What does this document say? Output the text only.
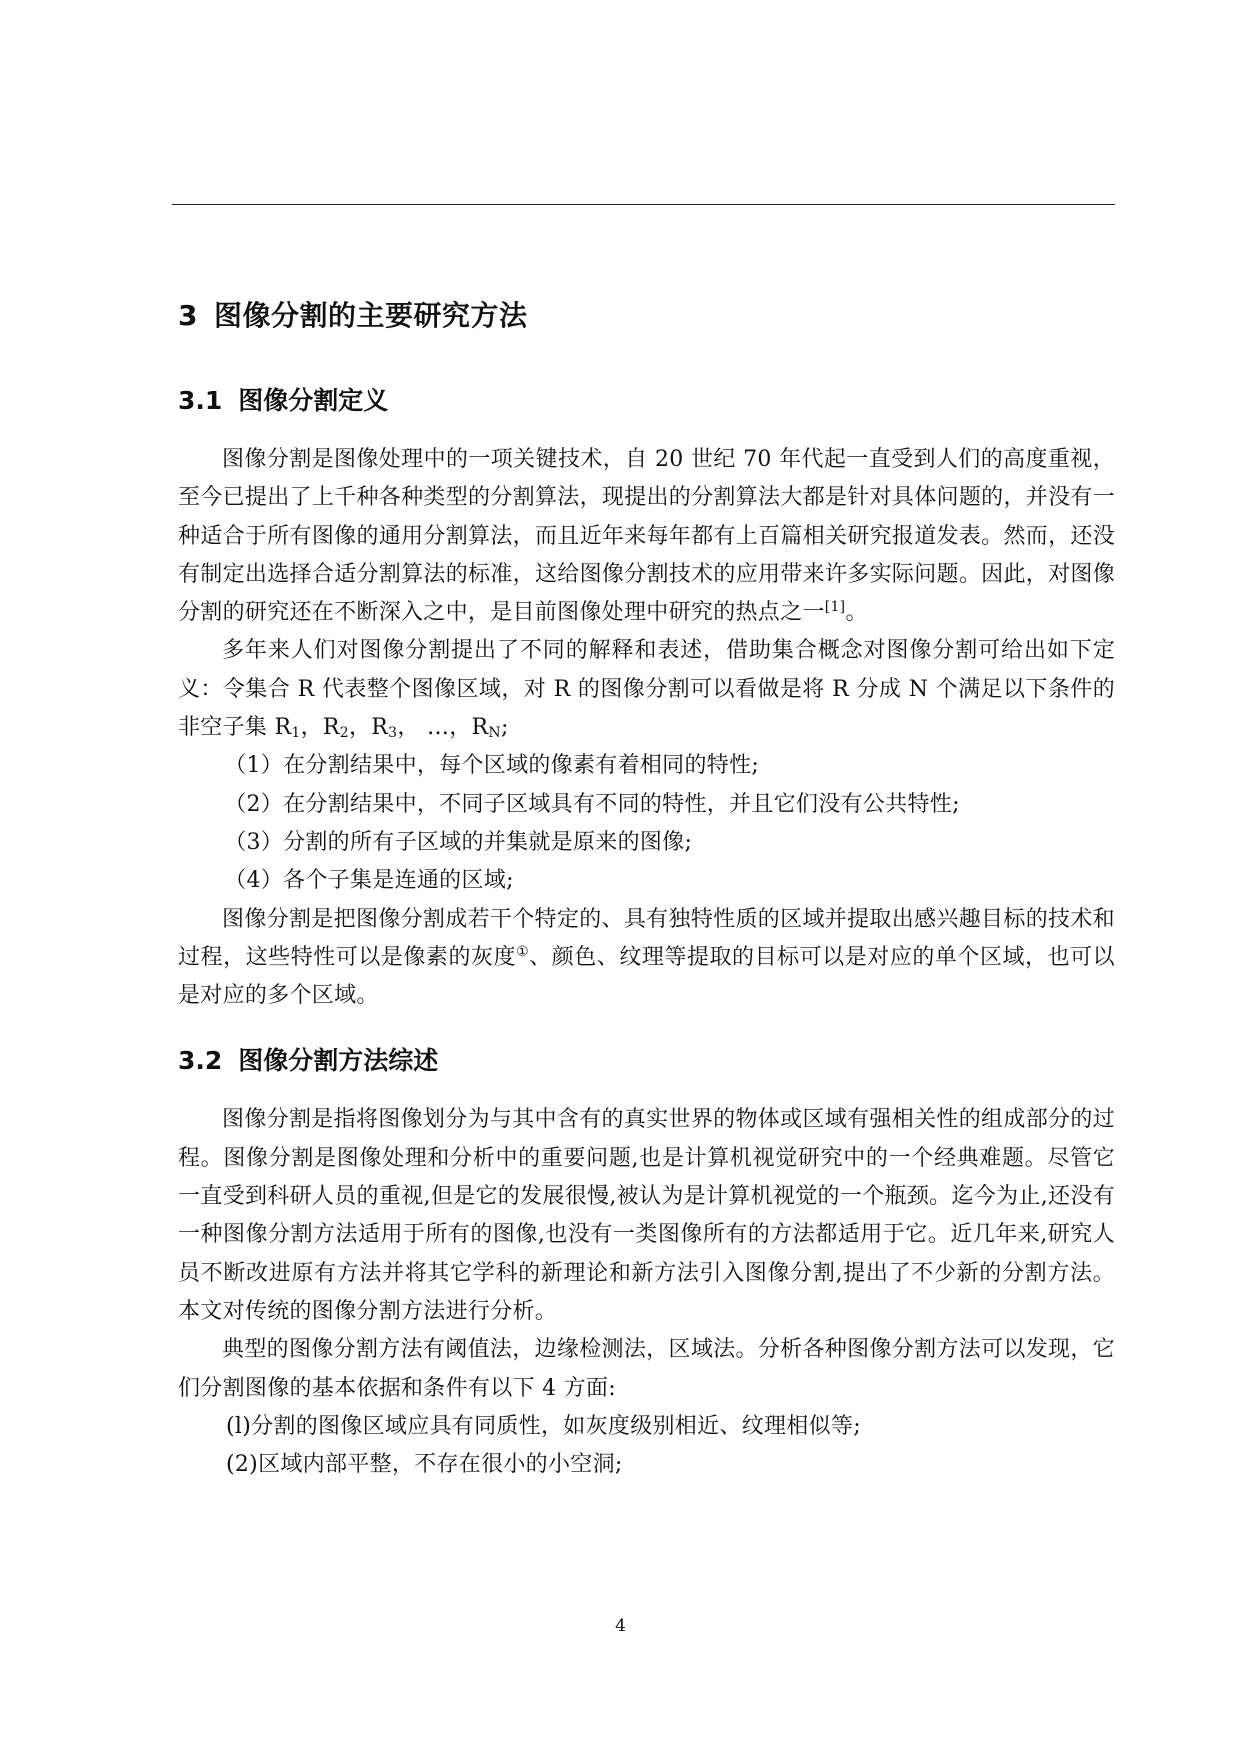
3 图像分割的主要研究方法
3.1 图像分割定义

图像分割是图像处理中的一项关键技术，自 20 世纪 70 年代起一直受到人们的高度重视，至今已提出了上千种各种类型的分割算法，现提出的分割算法大都是针对具体问题的，并没有一种适合于所有图像的通用分割算法，而且近年来每年都有上百篇相关研究报道发表。然而，还没有制定出选择合适分割算法的标准，这给图像分割技术的应用带来许多实际问题。因此，对图像分割的研究还在不断深入之中，是目前图像处理中研究的热点之一[1]。

多年来人们对图像分割提出了不同的解释和表述，借助集合概念对图像分割可给出如下定义：令集合 R 代表整个图像区域，对 R 的图像分割可以看做是将 R 分成 N 个满足以下条件的非空子集 $R_1$，$R_2$，$R_3$， …，$R_N$;

（1）在分割结果中，每个区域的像素有着相同的特性;

（2）在分割结果中，不同子区域具有不同的特性，并且它们没有公共特性;

（3）分割的所有子区域的并集就是原来的图像;

（4）各个子集是连通的区域;

图像分割是把图像分割成若干个特定的、具有独特性质的区域并提取出感兴趣目标的技术和过程，这些特性可以是像素的灰度①、颜色、纹理等提取的目标可以是对应的单个区域，也可以是对应的多个区域。

3.2 图像分割方法综述

图像分割是指将图像划分为与其中含有的真实世界的物体或区域有强相关性的组成部分的过程。图像分割是图像处理和分析中的重要问题,也是计算机视觉研究中的一个经典难题。尽管它一直受到科研人员的重视,但是它的发展很慢,被认为是计算机视觉的一个瓶颈。迄今为止,还没有一种图像分割方法适用于所有的图像,也没有一类图像所有的方法都适用于它。近几年来,研究人员不断改进原有方法并将其它学科的新理论和新方法引入图像分割,提出了不少新的分割方法。本文对传统的图像分割方法进行分析。

典型的图像分割方法有阈值法，边缘检测法，区域法。分析各种图像分割方法可以发现，它们分割图像的基本依据和条件有以下 4 方面:

(l)分割的图像区域应具有同质性，如灰度级别相近、纹理相似等;

(2)区域内部平整，不存在很小的小空洞;

4
